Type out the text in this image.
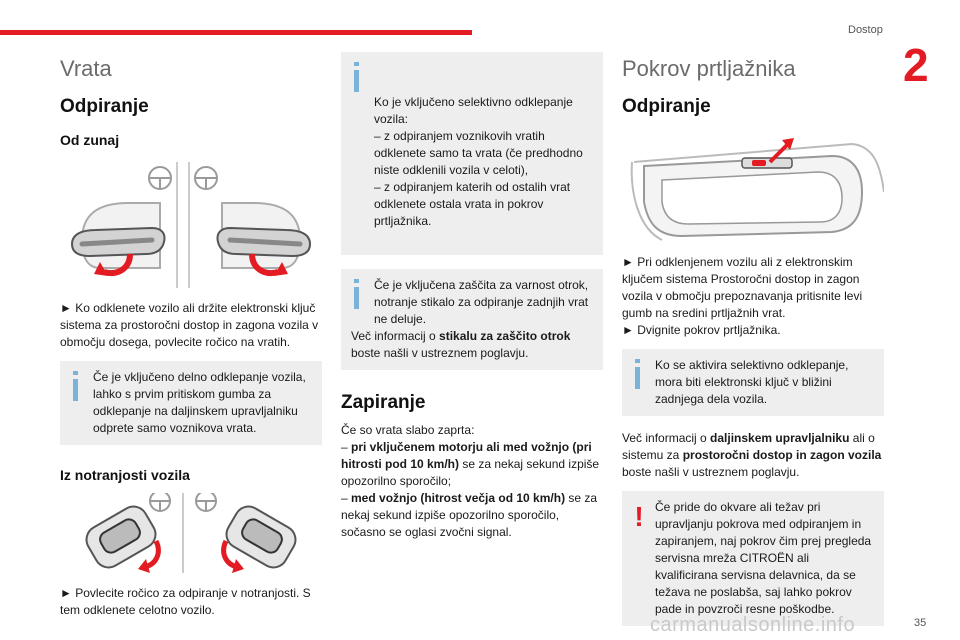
Dostop
2
Vrata
Odpiranje
Od zunaj

► Ko odklenete vozilo ali držite elektronski ključ sistema za prostoročni dostop in zagona vozila v območju dosega, povlecite ročico na vratih.

Če je vključeno delno odklepanje vozila, lahko s prvim pritiskom gumba za odklepanje na daljinskem upravljalniku odprete samo voznikova vrata.
Iz notranjosti vozila

► Povlecite ročico za odpiranje v notranjosti. S tem odklenete celotno vozilo.

Ko je vključeno selektivno odklepanje vozila:
– z odpiranjem voznikovih vratih odklenete samo ta vrata (če predhodno niste odklenili vozila v celoti),
– z odpiranjem katerih od ostalih vrat odklenete ostala vrata in pokrov prtljažnika.

Če je vključena zaščita za varnost otrok, notranje stikalo za odpiranje zadnjih vrat ne deluje.
Več informacij o stikalu za zaščito otrok boste našli v ustreznem poglavju.
Zapiranje

Če so vrata slabo zaprta:

– pri vključenem motorju ali med vožnjo (pri hitrosti pod 10 km/h) se za nekaj sekund izpiše opozorilno sporočilo;

– med vožnjo (hitrost večja od 10 km/h) se za nekaj sekund izpiše opozorilno sporočilo, sočasno se oglasi zvočni signal.

Pokrov prtljažnika
Odpiranje

► Pri odklenjenem vozilu ali z elektronskim ključem sistema Prostoročni dostop in zagon vozila v območju prepoznavanja pritisnite levi gumb na sredini prtljažnih vrat.

► Dvignite pokrov prtljažnika.

Ko se aktivira selektivno odklepanje, mora biti elektronski ključ v bližini zadnjega dela vozila.

Več informacij o daljinskem upravljalniku ali o sistemu za prostoročni dostop in zagon vozila boste našli v ustreznem poglavju.

! Če pride do okvare ali težav pri upravljanju pokrova med odpiranjem in zapiranjem, naj pokrov čim prej pregleda servisna mreža CITROËN ali kvalificirana servisna delavnica, da se težava ne poslabša, saj lahko pokrov pade in povzroči resne poškodbe.
carmanualsonline.info	35
